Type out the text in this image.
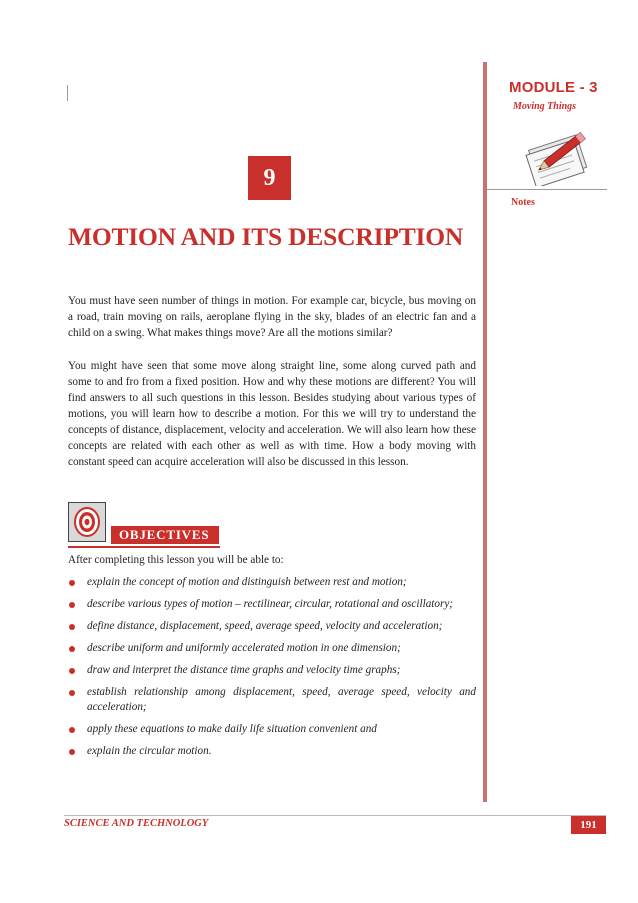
MODULE - 3
Moving Things
Notes
9
MOTION AND ITS DESCRIPTION

You must have seen number of things in motion. For example car, bicycle, bus moving on a road, train moving on rails, aeroplane flying in the sky, blades of an electric fan and a child on a swing. What makes things move? Are all the motions similar?

You might have seen that some move along straight line, some along curved path and some to and fro from a fixed position. How and why these motions are different? You will find answers to all such questions in this lesson. Besides studying about various types of motions, you will learn how to describe a motion. For this we will try to understand the concepts of distance, displacement, velocity and acceleration. We will also learn how these concepts are related with each other as well as with time. How a body moving with constant speed can acquire acceleration will also be discussed in this lesson.

OBJECTIVES
After completing this lesson you will be able to:
explain the concept of motion and distinguish between rest and motion;
describe various types of motion – rectilinear, circular, rotational and oscillatory;
define distance, displacement, speed, average speed, velocity and acceleration;
describe uniform and uniformly accelerated motion in one dimension;
draw and interpret the distance time graphs and velocity time graphs;
establish relationship among displacement, speed, average speed, velocity and acceleration;
apply these equations to make daily life situation convenient and
explain the circular motion.
SCIENCE AND TECHNOLOGY	191
